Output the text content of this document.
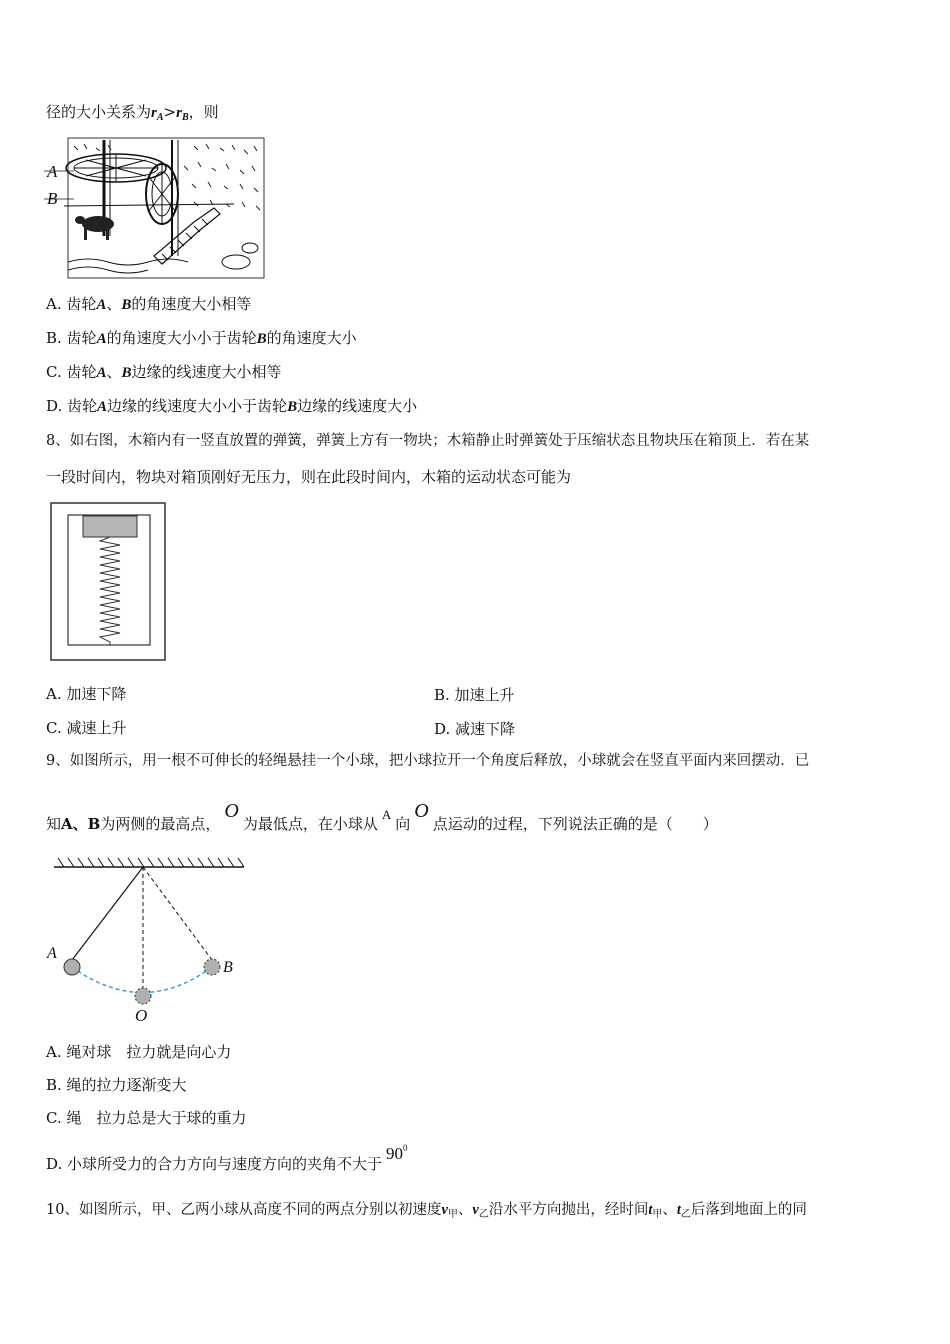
径的大小关系为$r_A>r_B$，则
A
B
A. 齿轮A、B的角速度大小相等
B. 齿轮A的角速度大小小于齿轮B的角速度大小
C. 齿轮A、B边缘的线速度大小相等
D. 齿轮A边缘的线速度大小小于齿轮B边缘的线速度大小
8、如右图，木箱内有一竖直放置的弹簧，弹簧上方有一物块；木箱静止时弹簧处于压缩状态且物块压在箱顶上．若在某
一段时间内，物块对箱顶刚好无压力，则在此段时间内，木箱的运动状态可能为
A. 加速下降	B. 加速上升
C. 减速上升	D. 减速下降
9、如图所示，用一根不可伸长的轻绳悬挂一个小球，把小球拉开一个角度后释放，小球就会在竖直平面内来回摆动．已
知A、B为两侧的最高点，O为最低点，在小球从A向O点运动的过程，下列说法正确的是（　　）
A
B
O
A. 绳对球　拉力就是向心力
B. 绳的拉力逐渐变大
C. 绳　拉力总是大于球的重力
D. 小球所受力的合力方向与速度方向的夹角不大于$90^0$
10、如图所示，甲、乙两小球从高度不同的两点分别以初速度$v_甲$、$v_乙$沿水平方向抛出，经时间$t_甲$、$t_乙$后落到地面上的同
